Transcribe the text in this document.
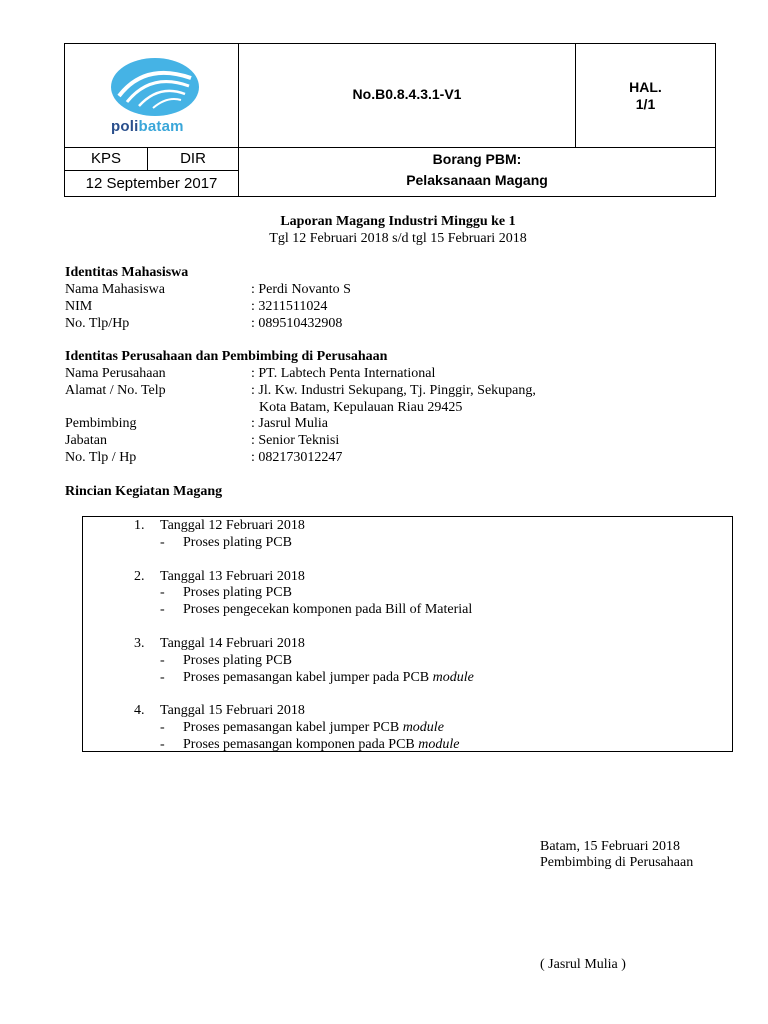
polibatam
No.B0.8.4.3.1-V1	HAL.
1/1
KPS	DIR
12 September 2017
Borang PBM:
Pelaksanaan Magang
Laporan Magang Industri Minggu ke 1
Tgl 12 Februari 2018 s/d tgl 15 Februari 2018
Identitas Mahasiswa
Nama Mahasiswa	: Perdi Novanto S
NIM	: 3211511024
No. Tlp/Hp	: 089510432908
Identitas Perusahaan dan Pembimbing di Perusahaan
Nama Perusahaan	: PT. Labtech Penta International
Alamat / No. Telp	: Jl. Kw. Industri Sekupang, Tj. Pinggir, Sekupang,
Kota Batam, Kepulauan Riau 29425
Pembimbing	: Jasrul Mulia
Jabatan	: Senior Teknisi
No. Tlp / Hp	: 082173012247
Rincian Kegiatan Magang
1. Tanggal 12 Februari 2018
- Proses plating PCB
2. Tanggal 13 Februari 2018
- Proses plating PCB
- Proses pengecekan komponen pada Bill of Material
3. Tanggal 14 Februari 2018
- Proses plating PCB
- Proses pemasangan kabel jumper pada PCB module
4. Tanggal 15 Februari 2018
- Proses pemasangan kabel jumper PCB module
- Proses pemasangan komponen pada PCB module
Batam, 15 Februari 2018
Pembimbing di Perusahaan
( Jasrul Mulia )
